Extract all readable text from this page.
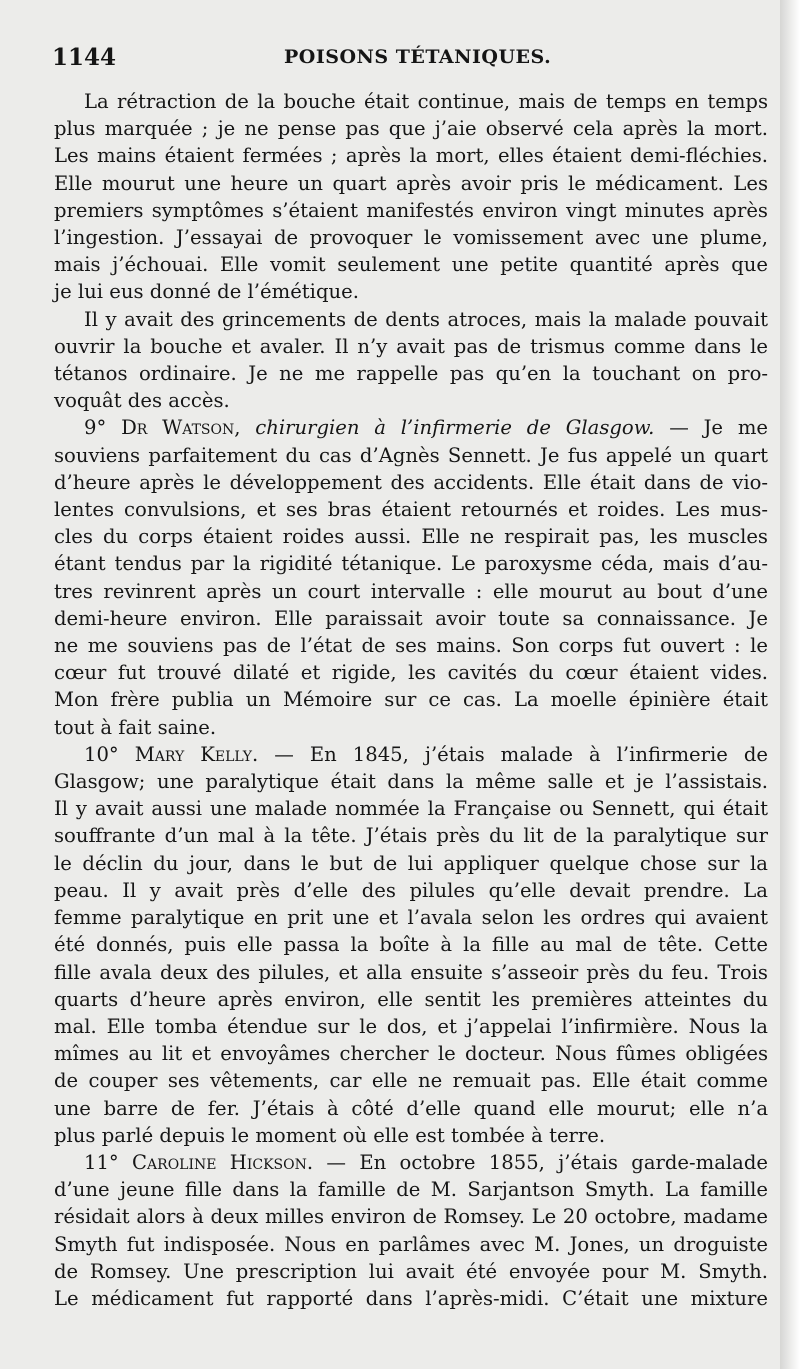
1144	POISONS TÉTANIQUES.
La rétraction de la bouche était continue, mais de temps en temps
plus marquée ; je ne pense pas que j’aie observé cela après la mort.
Les mains étaient fermées ; après la mort, elles étaient demi-fléchies.
Elle mourut une heure un quart après avoir pris le médicament. Les
premiers symptômes s’étaient manifestés environ vingt minutes après
l’ingestion. J’essayai de provoquer le vomissement avec une plume,
mais j’échouai. Elle vomit seulement une petite quantité après que
je lui eus donné de l’émétique.
Il y avait des grincements de dents atroces, mais la malade pouvait
ouvrir la bouche et avaler. Il n’y avait pas de trismus comme dans le
tétanos ordinaire. Je ne me rappelle pas qu’en la touchant on pro-
voquât des accès.
9° Dr Watson, chirurgien à l’infirmerie de Glasgow. — Je me
souviens parfaitement du cas d’Agnès Sennett. Je fus appelé un quart
d’heure après le développement des accidents. Elle était dans de vio-
lentes convulsions, et ses bras étaient retournés et roides. Les mus-
cles du corps étaient roides aussi. Elle ne respirait pas, les muscles
étant tendus par la rigidité tétanique. Le paroxysme céda, mais d’au-
tres revinrent après un court intervalle : elle mourut au bout d’une
demi-heure environ. Elle paraissait avoir toute sa connaissance. Je
ne me souviens pas de l’état de ses mains. Son corps fut ouvert : le
cœur fut trouvé dilaté et rigide, les cavités du cœur étaient vides.
Mon frère publia un Mémoire sur ce cas. La moelle épinière était
tout à fait saine.
10° Mary Kelly. — En 1845, j’étais malade à l’infirmerie de
Glasgow; une paralytique était dans la même salle et je l’assistais.
Il y avait aussi une malade nommée la Française ou Sennett, qui était
souffrante d’un mal à la tête. J’étais près du lit de la paralytique sur
le déclin du jour, dans le but de lui appliquer quelque chose sur la
peau. Il y avait près d’elle des pilules qu’elle devait prendre. La
femme paralytique en prit une et l’avala selon les ordres qui avaient
été donnés, puis elle passa la boîte à la fille au mal de tête. Cette
fille avala deux des pilules, et alla ensuite s’asseoir près du feu. Trois
quarts d’heure après environ, elle sentit les premières atteintes du
mal. Elle tomba étendue sur le dos, et j’appelai l’infirmière. Nous la
mîmes au lit et envoyâmes chercher le docteur. Nous fûmes obligées
de couper ses vêtements, car elle ne remuait pas. Elle était comme
une barre de fer. J’étais à côté d’elle quand elle mourut; elle n’a
plus parlé depuis le moment où elle est tombée à terre.
11° Caroline Hickson. — En octobre 1855, j’étais garde-malade
d’une jeune fille dans la famille de M. Sarjantson Smyth. La famille
résidait alors à deux milles environ de Romsey. Le 20 octobre, madame
Smyth fut indisposée. Nous en parlâmes avec M. Jones, un droguiste
de Romsey. Une prescription lui avait été envoyée pour M. Smyth.
Le médicament fut rapporté dans l’après-midi. C’était une mixture
